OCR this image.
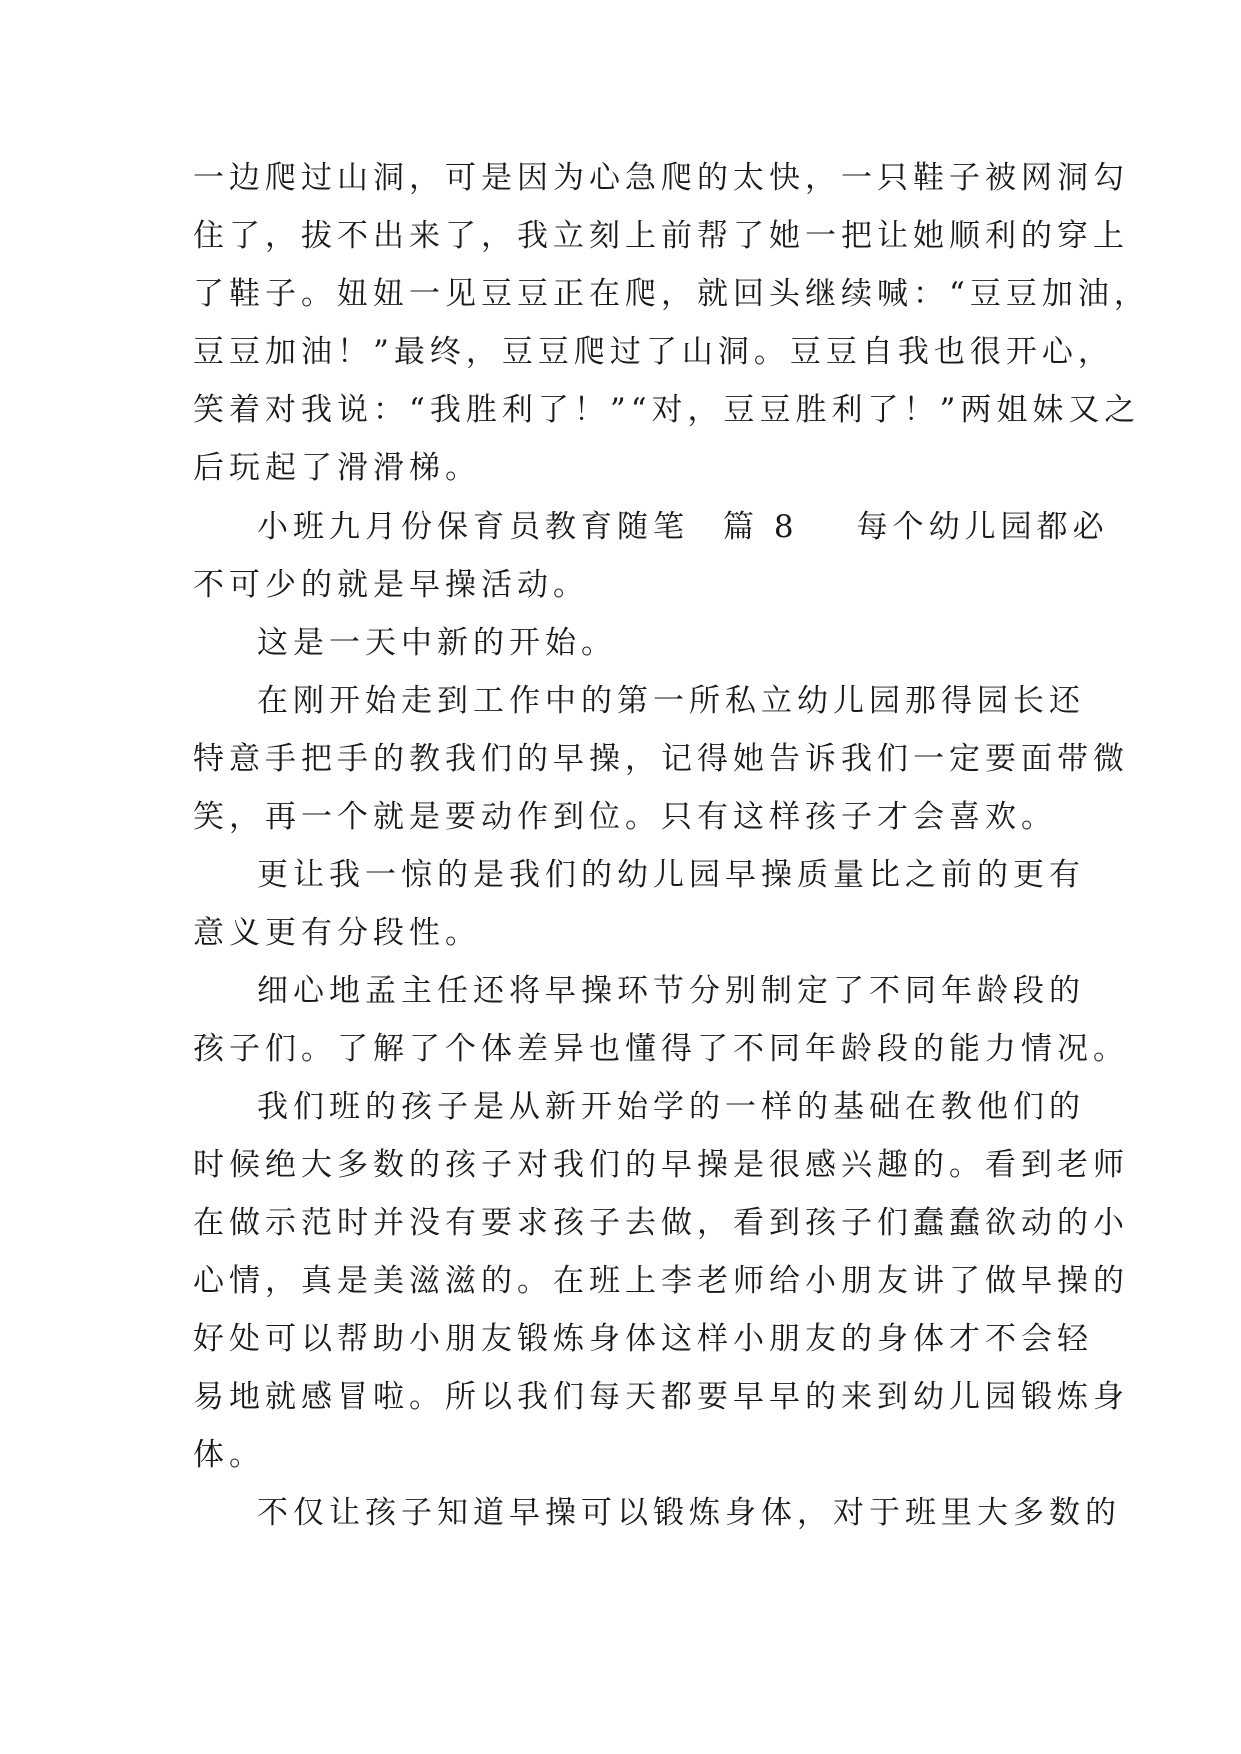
一边爬过山洞，可是因为心急爬的太快，一只鞋子被网洞勾
住了，拔不出来了，我立刻上前帮了她一把让她顺利的穿上
了鞋子。妞妞一见豆豆正在爬，就回头继续喊：“豆豆加油，
豆豆加油！”最终，豆豆爬过了山洞。豆豆自我也很开心，
笑着对我说：“我胜利了！”“对，豆豆胜利了！”两姐妹又之
后玩起了滑滑梯。
小班九月份保育员教育随笔 篇 8 每个幼儿园都必
不可少的就是早操活动。
这是一天中新的开始。
在刚开始走到工作中的第一所私立幼儿园那得园长还
特意手把手的教我们的早操，记得她告诉我们一定要面带微
笑，再一个就是要动作到位。只有这样孩子才会喜欢。
更让我一惊的是我们的幼儿园早操质量比之前的更有
意义更有分段性。
细心地孟主任还将早操环节分别制定了不同年龄段的
孩子们。了解了个体差异也懂得了不同年龄段的能力情况。
我们班的孩子是从新开始学的一样的基础在教他们的
时候绝大多数的孩子对我们的早操是很感兴趣的。看到老师
在做示范时并没有要求孩子去做，看到孩子们蠢蠢欲动的小
心情，真是美滋滋的。在班上李老师给小朋友讲了做早操的
好处可以帮助小朋友锻炼身体这样小朋友的身体才不会轻
易地就感冒啦。所以我们每天都要早早的来到幼儿园锻炼身
体。
不仅让孩子知道早操可以锻炼身体，对于班里大多数的
